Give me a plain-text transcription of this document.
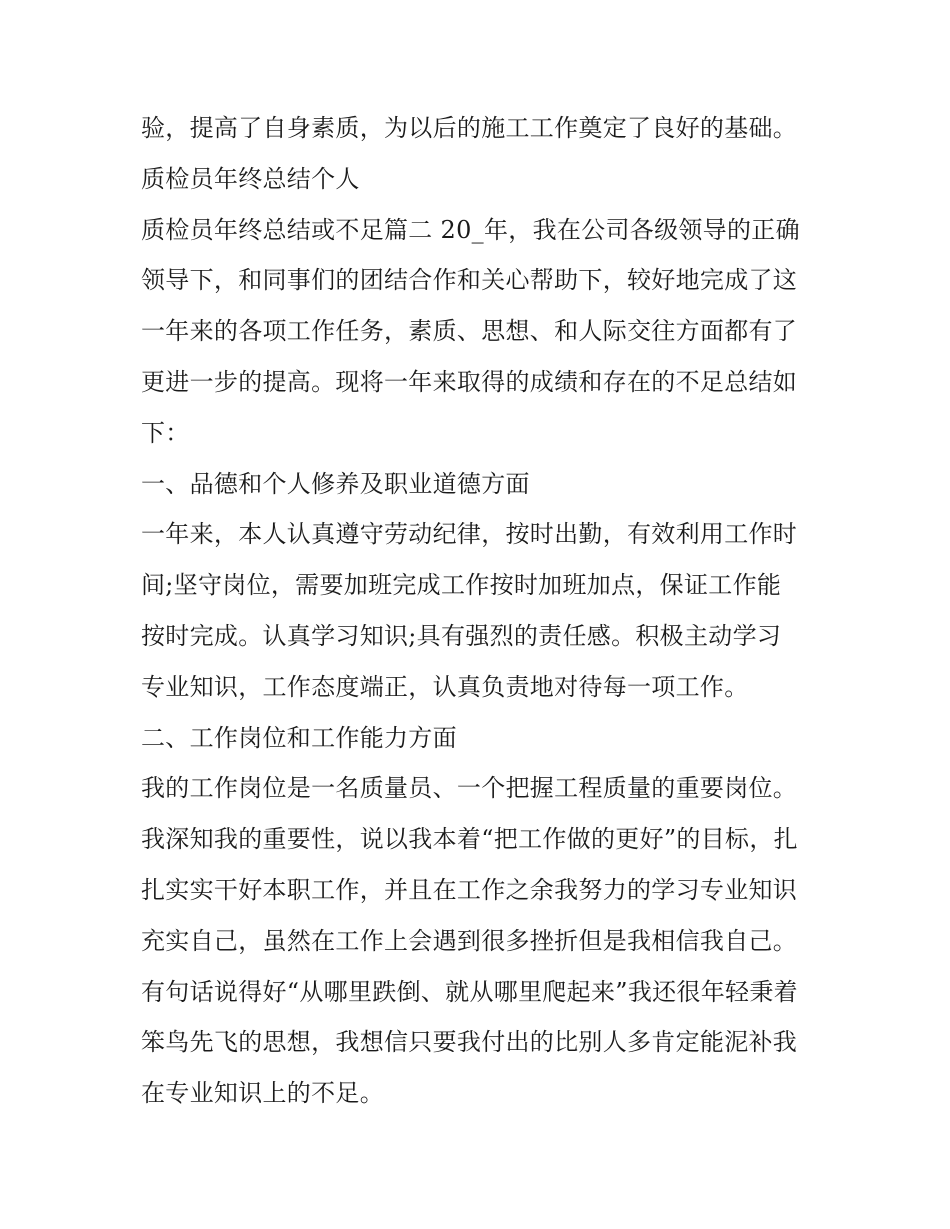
验，提高了自身素质，为以后的施工工作奠定了良好的基础。

质检员年终总结个人

质检员年终总结或不足篇二 20_年，我在公司各级领导的正确

领导下，和同事们的团结合作和关心帮助下，较好地完成了这

一年来的各项工作任务，素质、思想、和人际交往方面都有了

更进一步的提高。现将一年来取得的成绩和存在的不足总结如

下：

一、品德和个人修养及职业道德方面

一年来，本人认真遵守劳动纪律，按时出勤，有效利用工作时

间;坚守岗位，需要加班完成工作按时加班加点，保证工作能

按时完成。认真学习知识;具有强烈的责任感。积极主动学习

专业知识，工作态度端正，认真负责地对待每一项工作。

二、工作岗位和工作能力方面

我的工作岗位是一名质量员、一个把握工程质量的重要岗位。

我深知我的重要性，说以我本着“把工作做的更好”的目标，扎

扎实实干好本职工作，并且在工作之余我努力的学习专业知识

充实自己，虽然在工作上会遇到很多挫折但是我相信我自己。

有句话说得好“从哪里跌倒、就从哪里爬起来”我还很年轻秉着

笨鸟先飞的思想，我想信只要我付出的比别人多肯定能泥补我

在专业知识上的不足。
